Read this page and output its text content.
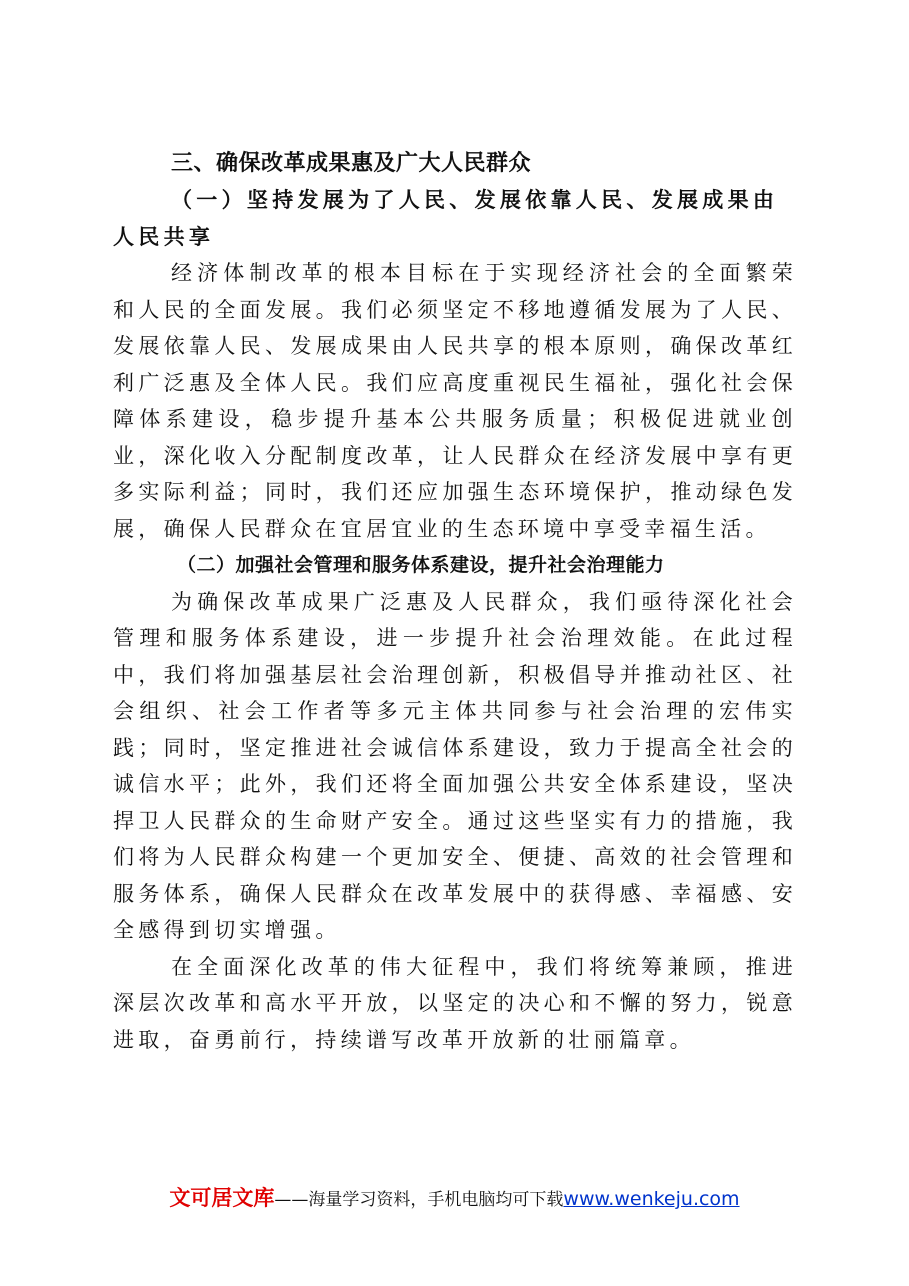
三、确保改革成果惠及广大人民群众

（一）坚持发展为了人民、发展依靠人民、发展成果由人民共享

经济体制改革的根本目标在于实现经济社会的全面繁荣和人民的全面发展。我们必须坚定不移地遵循发展为了人民、发展依靠人民、发展成果由人民共享的根本原则，确保改革红利广泛惠及全体人民。我们应高度重视民生福祉，强化社会保障体系建设，稳步提升基本公共服务质量；积极促进就业创业，深化收入分配制度改革，让人民群众在经济发展中享有更多实际利益；同时，我们还应加强生态环境保护，推动绿色发展，确保人民群众在宜居宜业的生态环境中享受幸福生活。

（二）加强社会管理和服务体系建设，提升社会治理能力

为确保改革成果广泛惠及人民群众，我们亟待深化社会管理和服务体系建设，进一步提升社会治理效能。在此过程中，我们将加强基层社会治理创新，积极倡导并推动社区、社会组织、社会工作者等多元主体共同参与社会治理的宏伟实践；同时，坚定推进社会诚信体系建设，致力于提高全社会的诚信水平；此外，我们还将全面加强公共安全体系建设，坚决捍卫人民群众的生命财产安全。通过这些坚实有力的措施，我们将为人民群众构建一个更加安全、便捷、高效的社会管理和服务体系，确保人民群众在改革发展中的获得感、幸福感、安全感得到切实增强。

在全面深化改革的伟大征程中，我们将统筹兼顾，推进深层次改革和高水平开放，以坚定的决心和不懈的努力，锐意进取，奋勇前行，持续谱写改革开放新的壮丽篇章。

文可居文库——海量学习资料，手机电脑均可下载www.wenkeju.com
